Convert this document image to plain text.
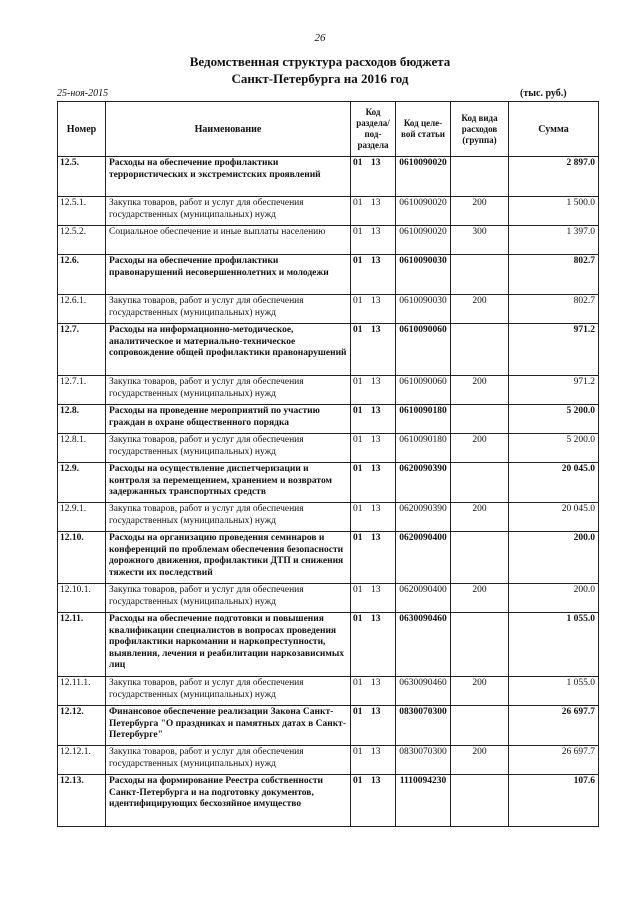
26
Ведомственная структура расходов бюджета
Санкт-Петербурга на 2016 год
25-ноя-2015	(тыс. руб.)
Номер	Наименование	Код раздела/ под- раздела	Код целе- вой статьи	Код вида расходов (группа)	Сумма
12.5.	Расходы на обеспечение профилактики террористических и экстремистских проявлений	01 13	0610090020		2 897.0
12.5.1.	Закупка товаров, работ и услуг для обеспечения государственных (муниципальных) нужд	01 13	0610090020	200	1 500.0
12.5.2.	Социальное обеспечение и иные выплаты населению	01 13	0610090020	300	1 397.0
12.6.	Расходы на обеспечение профилактики правонарушений несовершеннолетних и молодежи	01 13	0610090030		802.7
12.6.1.	Закупка товаров, работ и услуг для обеспечения государственных (муниципальных) нужд	01 13	0610090030	200	802.7
12.7.	Расходы на информационно-методическое, аналитическое и материально-техническое сопровождение общей профилактики правонарушений	01 13	0610090060		971.2
12.7.1.	Закупка товаров, работ и услуг для обеспечения государственных (муниципальных) нужд	01 13	0610090060	200	971.2
12.8.	Расходы на проведение мероприятий по участию граждан в охране общественного порядка	01 13	0610090180		5 200.0
12.8.1.	Закупка товаров, работ и услуг для обеспечения государственных (муниципальных) нужд	01 13	0610090180	200	5 200.0
12.9.	Расходы на осуществление диспетчеризации и контроля за перемещением, хранением и возвратом задержанных транспортных средств	01 13	0620090390		20 045.0
12.9.1.	Закупка товаров, работ и услуг для обеспечения государственных (муниципальных) нужд	01 13	0620090390	200	20 045.0
12.10.	Расходы на организацию проведения семинаров и конференций по проблемам обеспечения безопасности дорожного движения, профилактики ДТП и снижения тяжести их последствий	01 13	0620090400		200.0
12.10.1.	Закупка товаров, работ и услуг для обеспечения государственных (муниципальных) нужд	01 13	0620090400	200	200.0
12.11.	Расходы на обеспечение подготовки и повышения квалификации специалистов в вопросах проведения профилактики наркомании и наркопреступности, выявления, лечения и реабилитации наркозависимых лиц	01 13	0630090460		1 055.0
12.11.1.	Закупка товаров, работ и услуг для обеспечения государственных (муниципальных) нужд	01 13	0630090460	200	1 055.0
12.12.	Финансовое обеспечение реализации Закона Санкт-Петербурга "О праздниках и памятных датах в Санкт-Петербурге"	01 13	0830070300		26 697.7
12.12.1.	Закупка товаров, работ и услуг для обеспечения государственных (муниципальных) нужд	01 13	0830070300	200	26 697.7
12.13.	Расходы на формирование Реестра собственности Санкт-Петербурга и на подготовку документов, идентифицирующих бесхозяйное имущество	01 13	1110094230		107.6
